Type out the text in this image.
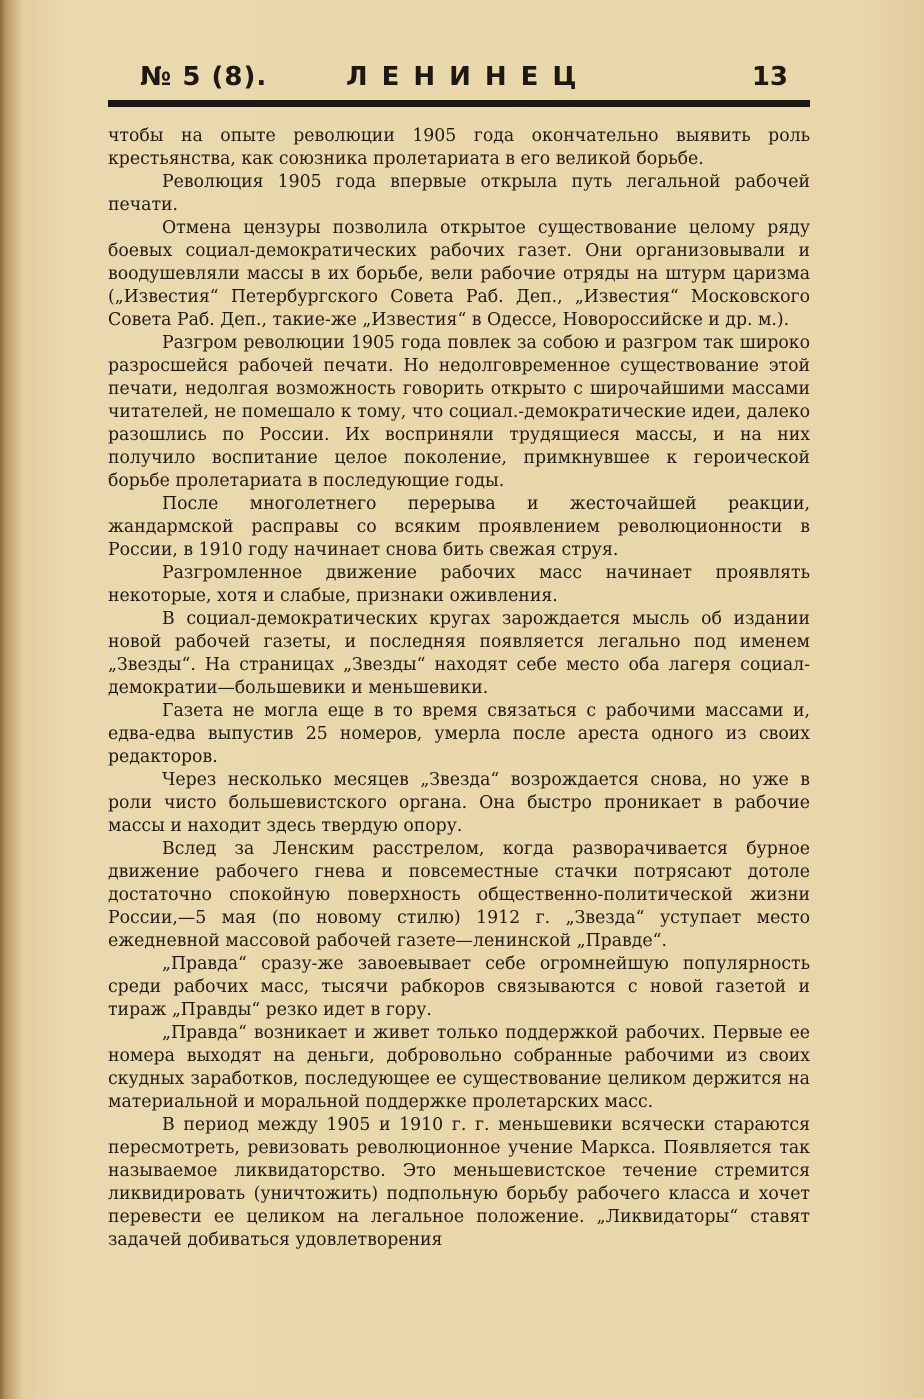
№ 5 (8).	ЛЕНИНЕЦ	13

чтобы на опыте революции 1905 года окончательно выявить роль крестьянства, как союзника пролетариата в его великой борьбе.

Революция 1905 года впервые открыла путь легальной рабочей печати.

Отмена цензуры позволила открытое существование целому ряду боевых социал-демократических рабочих газет. Они организовывали и воодушевляли массы в их борьбе, вели рабочие отряды на штурм царизма („Известия“ Петербургского Совета Раб. Деп., „Известия“ Московского Совета Раб. Деп., такие-же „Известия“ в Одессе, Новороссийске и др. м.).

Разгром революции 1905 года повлек за собою и разгром так широко разросшейся рабочей печати. Но недолговременное существование этой печати, недолгая возможность говорить открыто с широчайшими массами читателей, не помешало к тому, что социал.-демократические идеи, далеко разошлись по России. Их восприняли трудящиеся массы, и на них получило воспитание целое поколение, примкнувшее к героической борьбе пролетариата в последующие годы.

После многолетнего перерыва и жесточайшей реакции, жандармской расправы со всяким проявлением революционности в России, в 1910 году начинает снова бить свежая струя.

Разгромленное движение рабочих масс начинает проявлять некоторые, хотя и слабые, признаки оживления.

В социал-демократических кругах зарождается мысль об издании новой рабочей газеты, и последняя появляется легально под именем „Звезды“. На страницах „Звезды“ находят себе место оба лагеря социал-демократии—большевики и меньшевики.

Газета не могла еще в то время связаться с рабочими массами и, едва-едва выпустив 25 номеров, умерла после ареста одного из своих редакторов.

Через несколько месяцев „Звезда“ возрождается снова, но уже в роли чисто большевистского органа. Она быстро проникает в рабочие массы и находит здесь твердую опору.

Вслед за Ленским расстрелом, когда разворачивается бурное движение рабочего гнева и повсеместные стачки потрясают дотоле достаточно спокойную поверхность общественно-политической жизни России,—5 мая (по новому стилю) 1912 г. „Звезда“ уступает место ежедневной массовой рабочей газете—ленинской „Правде“.

„Правда“ сразу-же завоевывает себе огромнейшую популярность среди рабочих масс, тысячи рабкоров связываются с новой газетой и тираж „Правды“ резко идет в гору.

„Правда“ возникает и живет только поддержкой рабочих. Первые ее номера выходят на деньги, добровольно собранные рабочими из своих скудных заработков, последующее ее существование целиком держится на материальной и моральной поддержке пролетарских масс.

В период между 1905 и 1910 г. г. меньшевики всячески стараются пересмотреть, ревизовать революционное учение Маркса. Появляется так называемое ликвидаторство. Это меньшевистское течение стремится ликвидировать (уничтожить) подпольную борьбу рабочего класса и хочет перевести ее целиком на легальное положение. „Ликвидаторы“ ставят задачей добиваться удовлетворения
